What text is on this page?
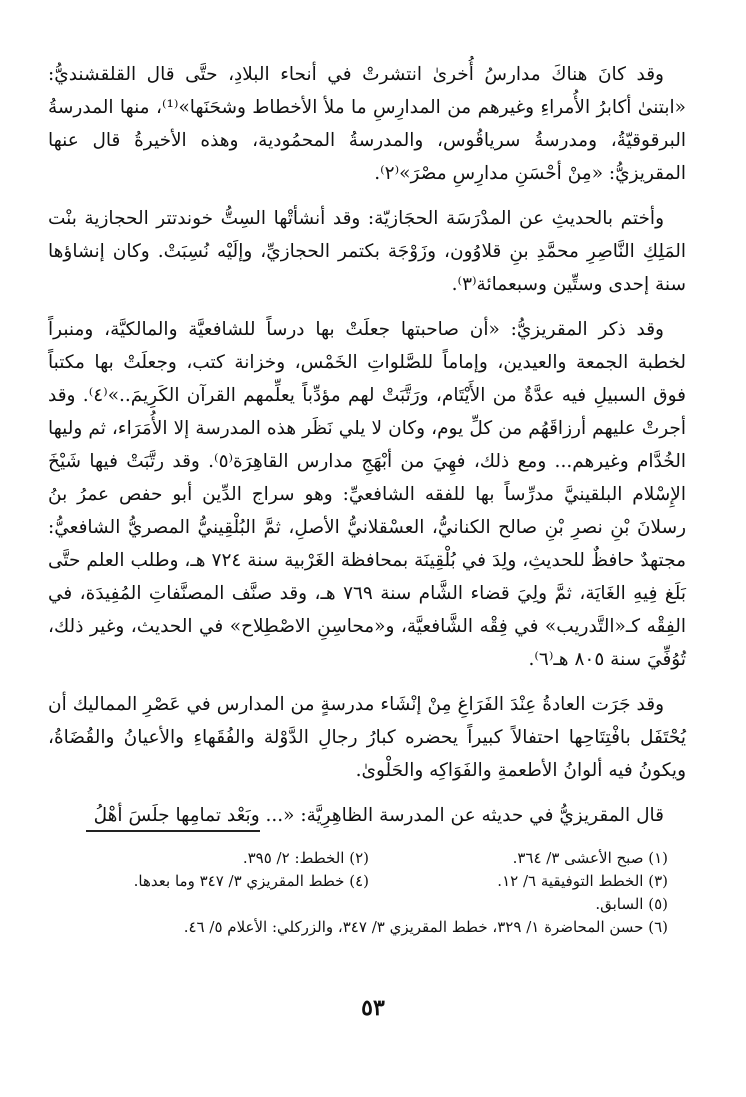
وقد كانَ هناكَ مدارسُ أُخرىٰ انتشرتْ في أنحاء البلادِ، حتَّى قال القلقشنديُّ: «ابتنىٰ أكابرُ الأُمراءِ وغيرهم من المدارِسِ ما ملأ الأخطاط وشحَنَها»⁽¹⁾، منها المدرسةُ البرقوقيّةُ، ومدرسةُ سرياقُوس، والمدرسةُ المحمُودية، وهذه الأخيرةُ قال عنها المقريزيُّ: «مِنْ أحْسَنِ مدارِسِ مصْرَ»⁽٢⁾.

وأختم بالحديثِ عن المدْرَسَة الحجَازيّة: وقد أنشأتْها السِتُّ خوندتتر الحجازية بنْت المَلِكِ النَّاصِرِ محمَّدِ بنِ قلاوُون، وزَوْجَة بكتمر الحجازيِّ، وإلَيْه نُسِبَتْ. وكان إنشاؤها سنة إحدى وستِّين وسبعمائة⁽٣⁾.

وقد ذكر المقريزيُّ: «أن صاحبتها جعلَتْ بها درساً للشافعيَّة والمالكيَّة، ومنبراً لخطبة الجمعة والعيدين، وإماماً للصَّلواتِ الخَمْس، وخزانة كتب، وجعلَتْ بها مكتباً فوق السبيلِ فيه عدَّةٌ من الأَيْتَام، ورَتَّبَتْ لهم مؤدِّباً يعلِّمهم القرآن الكَرِيمَ..»⁽٤⁾. وقد أجرتْ عليهم أرزاقَهُم من كلِّ يوم، وكان لا يلي نَظَر هذه المدرسة إلا الأُمَرَاء، ثم وليها الخُدَّام وغيرهم... ومع ذلك، فهِيَ من أبْهَجِ مدارس القاهِرَة⁽٥⁾. وقد رتَّبَتْ فيها شَيْخَ الإِسْلام البلقينيَّ مدرِّساً بها للفقه الشافعيِّ: وهو سراج الدِّين أبو حفص عمرُ بنُ رسلانَ بْنِ نصرِ بْنِ صالح الكنانيُّ، العسْقلانيُّ الأصلِ، ثمَّ البُلْقِينيُّ المصريُّ الشافعيُّ: مجتهدٌ حافظٌ للحديثِ، ولِدَ في بُلْقِينَة بمحافظة الغَرْبية سنة ٧٢٤ هـ، وطلب العلم حتَّى بَلَغ فِيهِ الغَايَة، ثمَّ ولِيَ قضاء الشَّام سنة ٧٦٩ هـ، وقد صنَّف المصنَّفاتِ المُفِيدَة، في الفِقْه كـ«التَّدريب» في فِقْه الشَّافعيَّة، و«محاسِنِ الاصْطِلاح» في الحديث، وغير ذلك، تُوُفِّيَ سنة ٨٠٥ هـ⁽٦⁾.

وقد جَرَت العادةُ عِنْدَ الفَرَاغِ مِنْ إنْشَاء مدرسةٍ من المدارس في عَصْرِ المماليك أن يُحْتَفَل بافْتِتَاحِها احتفالاً كبيراً يحضره كبارُ رجالِ الدَّوْلة والفُقَهاءِ والأعيانُ والقُضَاةُ، ويكونُ فيه ألوانُ الأطعمةِ والفَوَاكِه والحَلْوىٰ.

قال المقريزيُّ في حديثه عن المدرسة الظاهِرِيَّة: «... وبَعْد تمامِها جلَسَ أهْلُ

(١) صبح الأعشى ٣/ ٣٦٤.
(٢) الخطط: ٢/ ٣٩٥.
(٣) الخطط التوفيقية ٦/ ١٢.
(٤) خطط المقريزي ٣/ ٣٤٧ وما بعدها.
(٥) السابق.
(٦) حسن المحاضرة ١/ ٣٢٩، خطط المقريزي ٣/ ٣٤٧، والزركلي: الأعلام ٥/ ٤٦.
٥٣
